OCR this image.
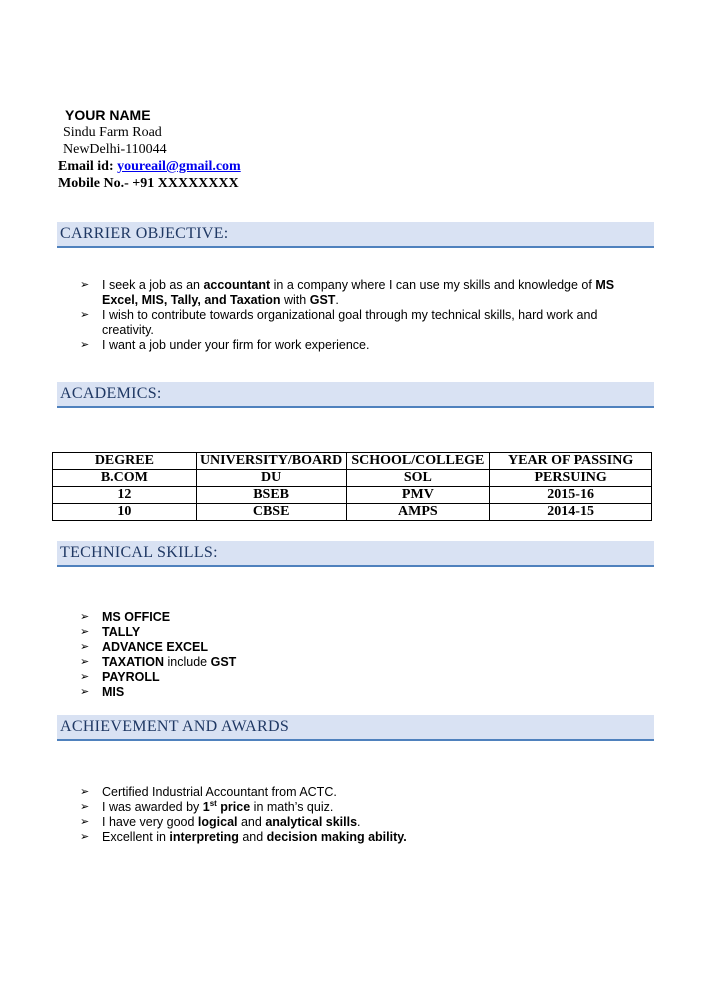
YOUR NAME
Sindu Farm Road
NewDelhi-110044
Email id: youreail@gmail.com
Mobile No.- +91 XXXXXXXX
CARRIER OBJECTIVE:
➢ I seek a job as an accountant in a company where I can use my skills and knowledge of MS Excel, MIS, Tally, and Taxation with GST.
➢ I wish to contribute towards organizational goal through my technical skills, hard work and creativity.
➢ I want a job under your firm for work experience.
ACADEMICS:
DEGREE	UNIVERSITY/BOARD	SCHOOL/COLLEGE	YEAR OF PASSING
B.COM	DU	SOL	PERSUING
12	BSEB	PMV	2015-16
10	CBSE	AMPS	2014-15
TECHNICAL SKILLS:
➢ MS OFFICE
➢ TALLY
➢ ADVANCE EXCEL
➢ TAXATION include GST
➢ PAYROLL
➢ MIS
ACHIEVEMENT AND AWARDS
➢ Certified Industrial Accountant from ACTC.
➢ I was awarded by 1st price in math’s quiz.
➢ I have very good logical and analytical skills.
➢ Excellent in interpreting and decision making ability.
